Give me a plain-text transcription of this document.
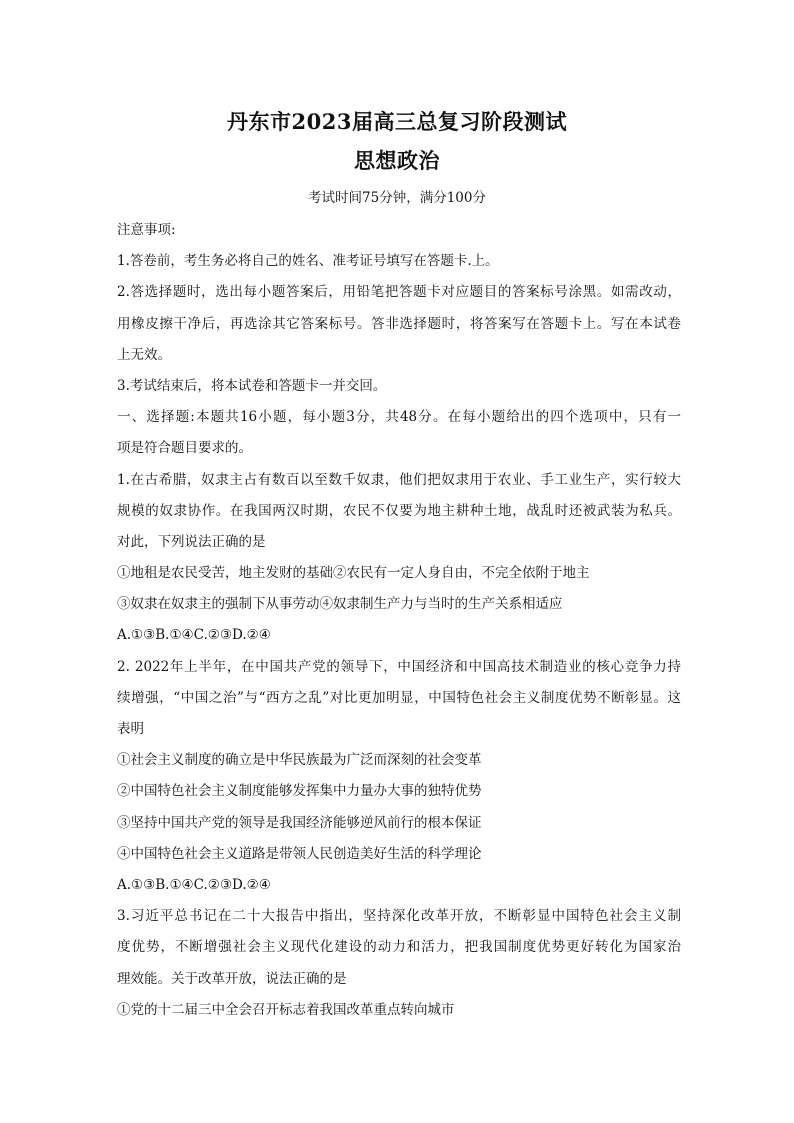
丹东市2023届高三总复习阶段测试
思想政治
考试时间75分钟，满分100分
注意事项:
1.答卷前，考生务必将自己的姓名、准考证号填写在答题卡.上。
2.答选择题时，选出每小题答案后，用铅笔把答题卡对应题目的答案标号涂黑。如需改动，
用橡皮擦干净后，再选涂其它答案标号。答非选择题时，将答案写在答题卡上。写在本试卷
上无效。
3.考试结束后，将本试卷和答题卡一并交回。
一、选择题:本题共16小题，每小题3分，共48分。在每小题给出的四个选项中，只有一
项是符合题目要求的。
1.在古希腊，奴隶主占有数百以至数千奴隶，他们把奴隶用于农业、手工业生产，实行较大
规模的奴隶协作。在我国两汉时期，农民不仅要为地主耕种土地，战乱时还被武装为私兵。
对此，下列说法正确的是
①地租是农民受苦，地主发财的基础②农民有一定人身自由，不完全依附于地主
③奴隶在奴隶主的强制下从事劳动④奴隶制生产力与当时的生产关系相适应
A.①③B.①④C.②③D.②④
2. 2022年上半年，在中国共产党的领导下，中国经济和中国高技术制造业的核心竞争力持
续增强，“中国之治”与“西方之乱”对比更加明显，中国特色社会主义制度优势不断彰显。这
表明
①社会主义制度的确立是中华民族最为广泛而深刻的社会变革
②中国特色社会主义制度能够发挥集中力量办大事的独特优势
③坚持中国共产党的领导是我国经济能够逆风前行的根本保证
④中国特色社会主义道路是带领人民创造美好生活的科学理论
A.①③B.①④C.②③D.②④
3.习近平总书记在二十大报告中指出，坚持深化改革开放，不断彰显中国特色社会主义制
度优势，不断增强社会主义现代化建设的动力和活力，把我国制度优势更好转化为国家治
理效能。关于改革开放，说法正确的是
①党的十二届三中全会召开标志着我国改革重点转向城市
